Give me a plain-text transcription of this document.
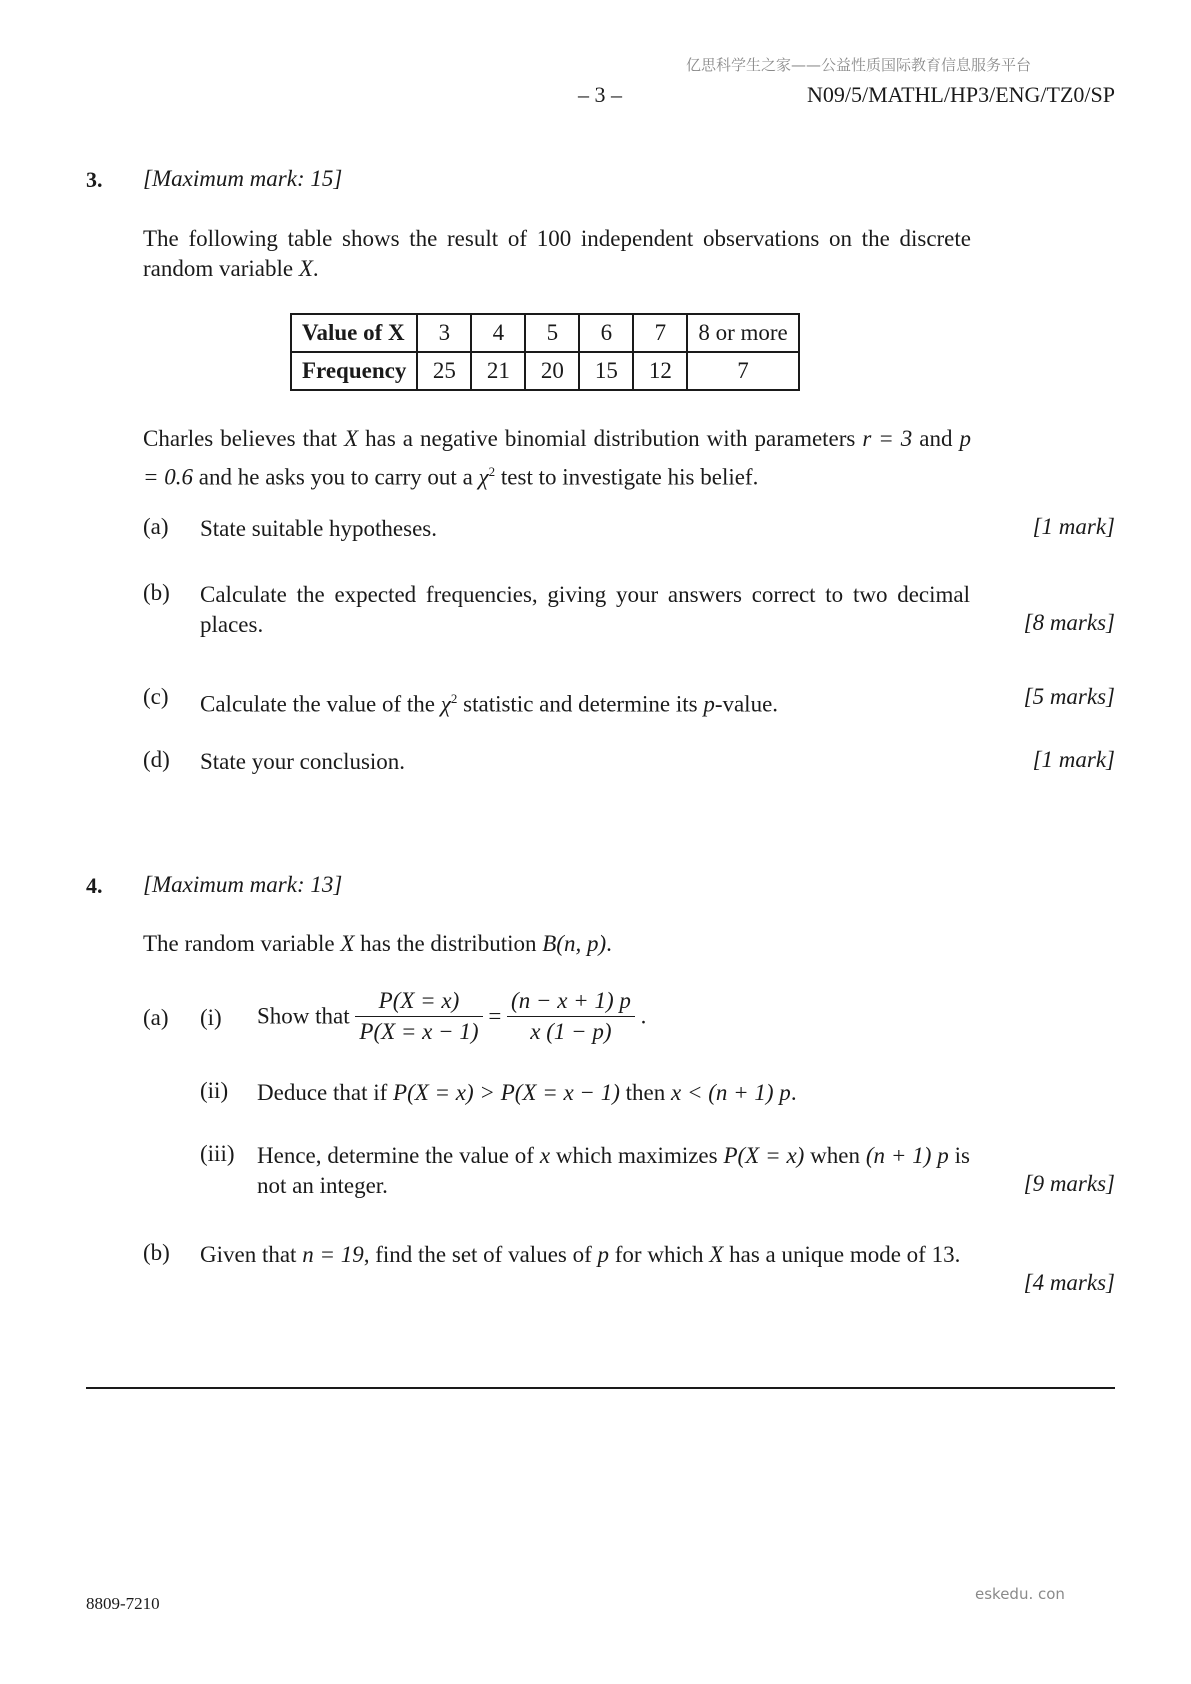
亿思科学生之家——公益性质国际教育信息服务平台
– 3 –	N09/5/MATHL/HP3/ENG/TZ0/SP
3. [Maximum mark: 15]
The following table shows the result of 100 independent observations on the discrete random variable X.
Value of X	3	4	5	6	7	8 or more
Frequency	25	21	20	15	12	7
Charles believes that X has a negative binomial distribution with parameters r = 3 and p = 0.6 and he asks you to carry out a $\chi^2$ test to investigate his belief.
(a) State suitable hypotheses.	[1 mark]
(b) Calculate the expected frequencies, giving your answers correct to two decimal places.	[8 marks]
(c) Calculate the value of the $\chi^2$ statistic and determine its p-value.	[5 marks]
(d) State your conclusion.	[1 mark]
4. [Maximum mark: 13]
The random variable X has the distribution B(n, p).
(a) (i) Show that $\frac{P(X = x)}{P(X = x - 1)} = \frac{(n - x + 1) p}{x (1 - p)}$ .
(ii) Deduce that if P(X = x) > P(X = x − 1) then x < (n + 1) p.
(iii) Hence, determine the value of x which maximizes P(X = x) when (n + 1) p is not an integer.	[9 marks]
(b) Given that n = 19, find the set of values of p for which X has a unique mode of 13.
[4 marks]
8809-7210	eskedu. con
